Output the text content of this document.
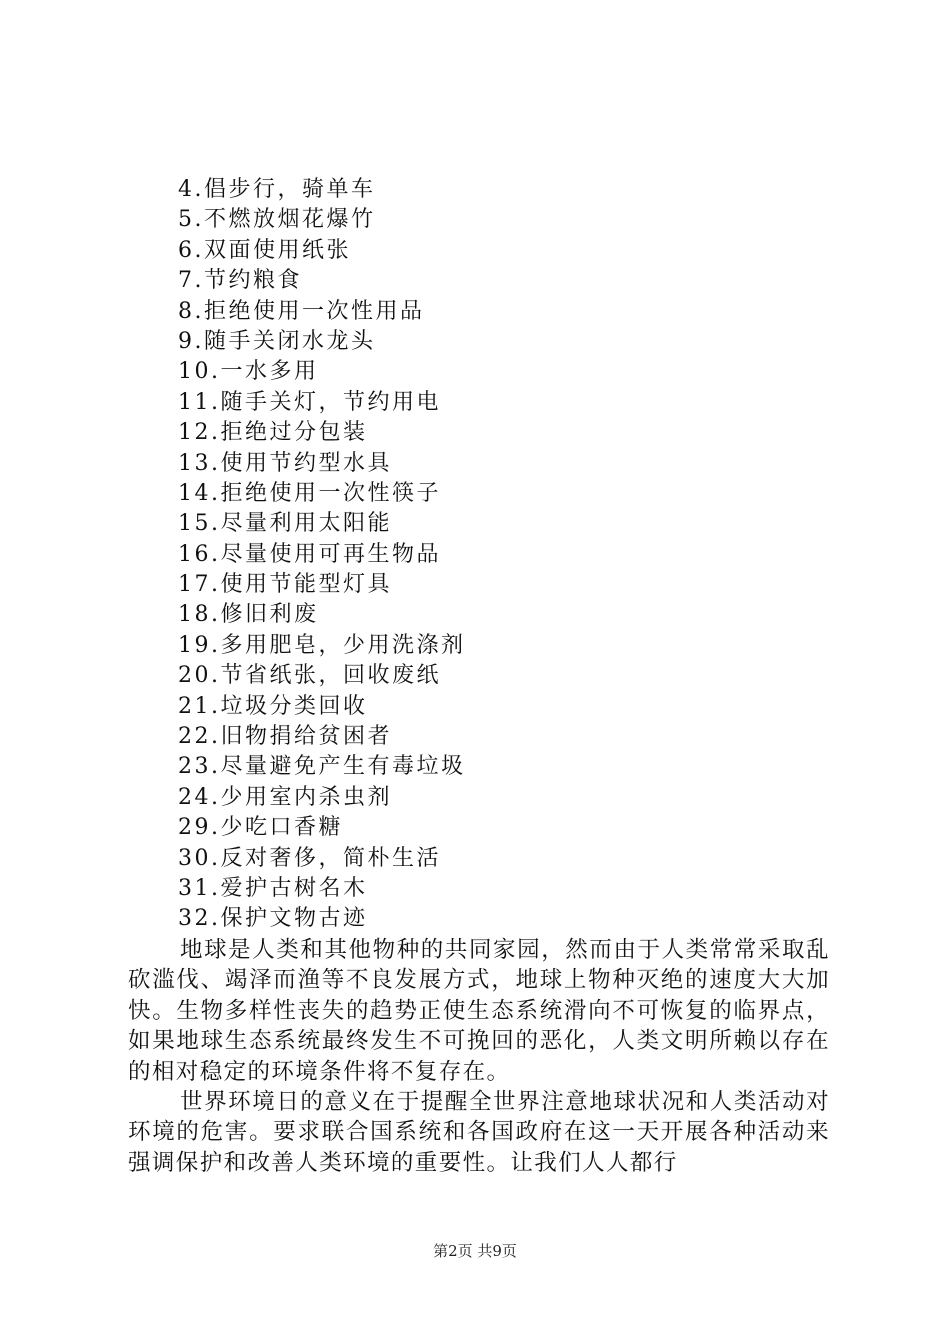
4.倡步行，骑单车
5.不燃放烟花爆竹
6.双面使用纸张
7.节约粮食
8.拒绝使用一次性用品
9.随手关闭水龙头
10.一水多用
11.随手关灯，节约用电
12.拒绝过分包装
13.使用节约型水具
14.拒绝使用一次性筷子
15.尽量利用太阳能
16.尽量使用可再生物品
17.使用节能型灯具
18.修旧利废
19.多用肥皂，少用洗涤剂
20.节省纸张，回收废纸
21.垃圾分类回收
22.旧物捐给贫困者
23.尽量避免产生有毒垃圾
24.少用室内杀虫剂
29.少吃口香糖
30.反对奢侈，简朴生活
31.爱护古树名木
32.保护文物古迹

地球是人类和其他物种的共同家园，然而由于人类常常采取乱砍滥伐、竭泽而渔等不良发展方式，地球上物种灭绝的速度大大加快。生物多样性丧失的趋势正使生态系统滑向不可恢复的临界点，如果地球生态系统最终发生不可挽回的恶化，人类文明所赖以存在的相对稳定的环境条件将不复存在。

世界环境日的意义在于提醒全世界注意地球状况和人类活动对环境的危害。要求联合国系统和各国政府在这一天开展各种活动来强调保护和改善人类环境的重要性。让我们人人都行

第2页 共9页
